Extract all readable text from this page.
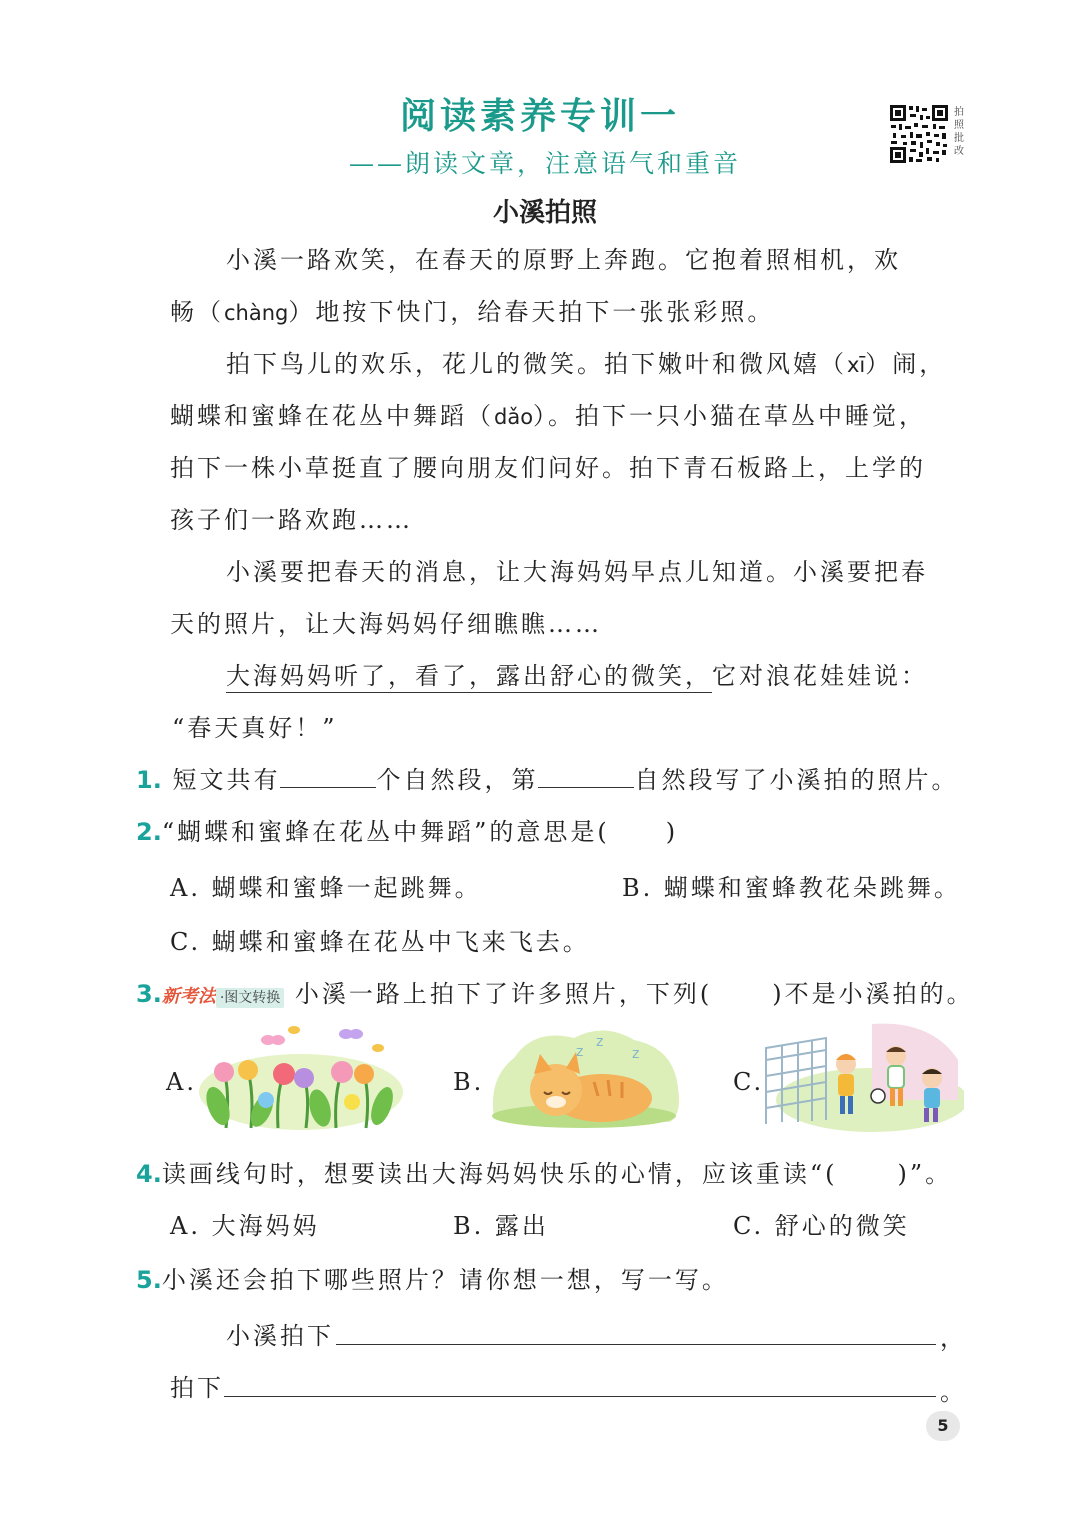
阅读素养专训一
——朗读文章，注意语气和重音
拍
照
批
改
小溪拍照
小溪一路欢笑，在春天的原野上奔跑。它抱着照相机，欢
畅（chàng）地按下快门，给春天拍下一张张彩照。
拍下鸟儿的欢乐，花儿的微笑。拍下嫩叶和微风嬉（xī）闹，
蝴蝶和蜜蜂在花丛中舞蹈（dǎo）。拍下一只小猫在草丛中睡觉，
拍下一株小草挺直了腰向朋友们问好。拍下青石板路上，上学的
孩子们一路欢跑……
小溪要把春天的消息，让大海妈妈早点儿知道。小溪要把春
天的照片，让大海妈妈仔细瞧瞧……
大海妈妈听了，看了，露出舒心的微笑，它对浪花娃娃说：
“春天真好！”
1. 短文共有	个自然段，第	自然段写了小溪拍的照片。
2.“蝴蝶和蜜蜂在花丛中舞蹈”的意思是( )
A. 蝴蝶和蜜蜂一起跳舞。	B. 蝴蝶和蜜蜂教花朵跳舞。
C. 蝴蝶和蜜蜂在花丛中飞来飞去。
3.新考法 ·图文转换 小溪一路上拍下了许多照片，下列(	)不是小溪拍的。
A.	B.
z
z
z
C.
4.读画线句时，想要读出大海妈妈快乐的心情，应该重读“(	)”。
A. 大海妈妈	B. 露出	C. 舒心的微笑
5.小溪还会拍下哪些照片？请你想一想，写一写。
小溪拍下	，
拍下	。
5
